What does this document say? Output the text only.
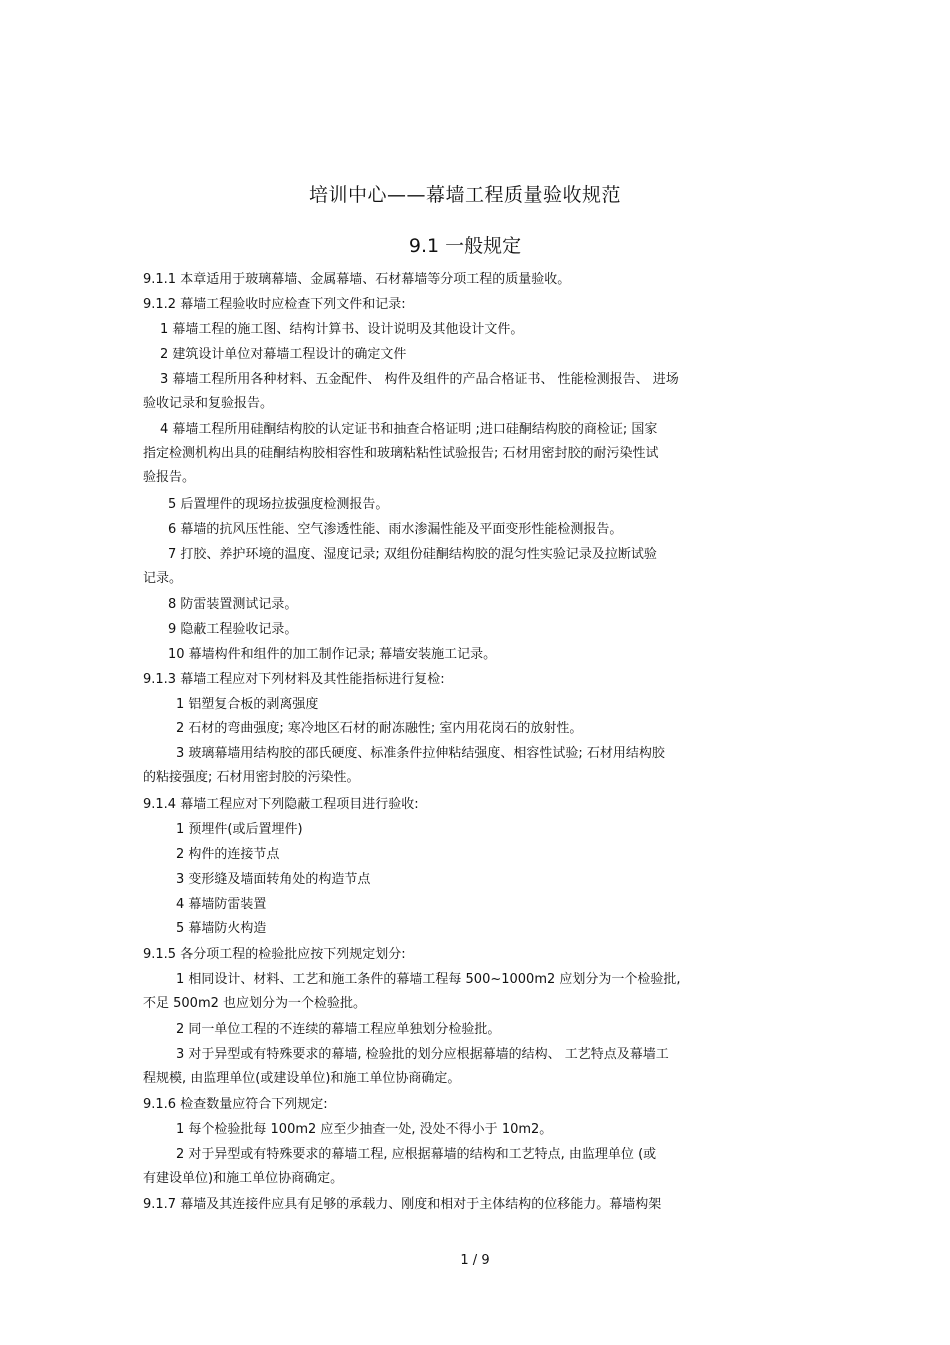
培训中心——幕墙工程质量验收规范
9.1 一般规定
9.1.1 本章适用于玻璃幕墙、金属幕墙、石材幕墙等分项工程的质量验收。
9.1.2 幕墙工程验收时应检查下列文件和记录:
1 幕墙工程的施工图、结构计算书、设计说明及其他设计文件。
2 建筑设计单位对幕墙工程设计的确定文件
3 幕墙工程所用各种材料、五金配件、 构件及组件的产品合格证书、 性能检测报告、 进场
验收记录和复验报告。
4 幕墙工程所用硅酮结构胶的认定证书和抽查合格证明 ;进口硅酮结构胶的商检证; 国家
指定检测机构出具的硅酮结构胶相容性和玻璃粘粘性试验报告; 石材用密封胶的耐污染性试
验报告。
5 后置埋件的现场拉拔强度检测报告。
6 幕墙的抗风压性能、空气渗透性能、雨水渗漏性能及平面变形性能检测报告。
7 打胶、养护环境的温度、湿度记录; 双组份硅酮结构胶的混匀性实验记录及拉断试验
记录。
8 防雷装置测试记录。
9 隐蔽工程验收记录。
10 幕墙构件和组件的加工制作记录; 幕墙安装施工记录。
9.1.3 幕墙工程应对下列材料及其性能指标进行复检:
1 铝塑复合板的剥离强度
2 石材的弯曲强度; 寒冷地区石材的耐冻融性; 室内用花岗石的放射性。
3 玻璃幕墙用结构胶的邵氏硬度、标准条件拉伸粘结强度、相容性试验; 石材用结构胶
的粘接强度; 石材用密封胶的污染性。
9.1.4 幕墙工程应对下列隐蔽工程项目进行验收:
1 预埋件(或后置埋件)
2 构件的连接节点
3 变形缝及墙面转角处的构造节点
4 幕墙防雷装置
5 幕墙防火构造
9.1.5 各分项工程的检验批应按下列规定划分:
1 相同设计、材料、工艺和施工条件的幕墙工程每 500~1000m2 应划分为一个检验批,
不足 500m2 也应划分为一个检验批。
2 同一单位工程的不连续的幕墙工程应单独划分检验批。
3 对于异型或有特殊要求的幕墙, 检验批的划分应根据幕墙的结构、 工艺特点及幕墙工
程规模, 由监理单位(或建设单位)和施工单位协商确定。
9.1.6 检查数量应符合下列规定:
1 每个检验批每 100m2 应至少抽查一处, 没处不得小于 10m2。
2 对于异型或有特殊要求的幕墙工程, 应根据幕墙的结构和工艺特点, 由监理单位 (或
有建设单位)和施工单位协商确定。
9.1.7 幕墙及其连接件应具有足够的承载力、刚度和相对于主体结构的位移能力。幕墙构架
1 / 9
